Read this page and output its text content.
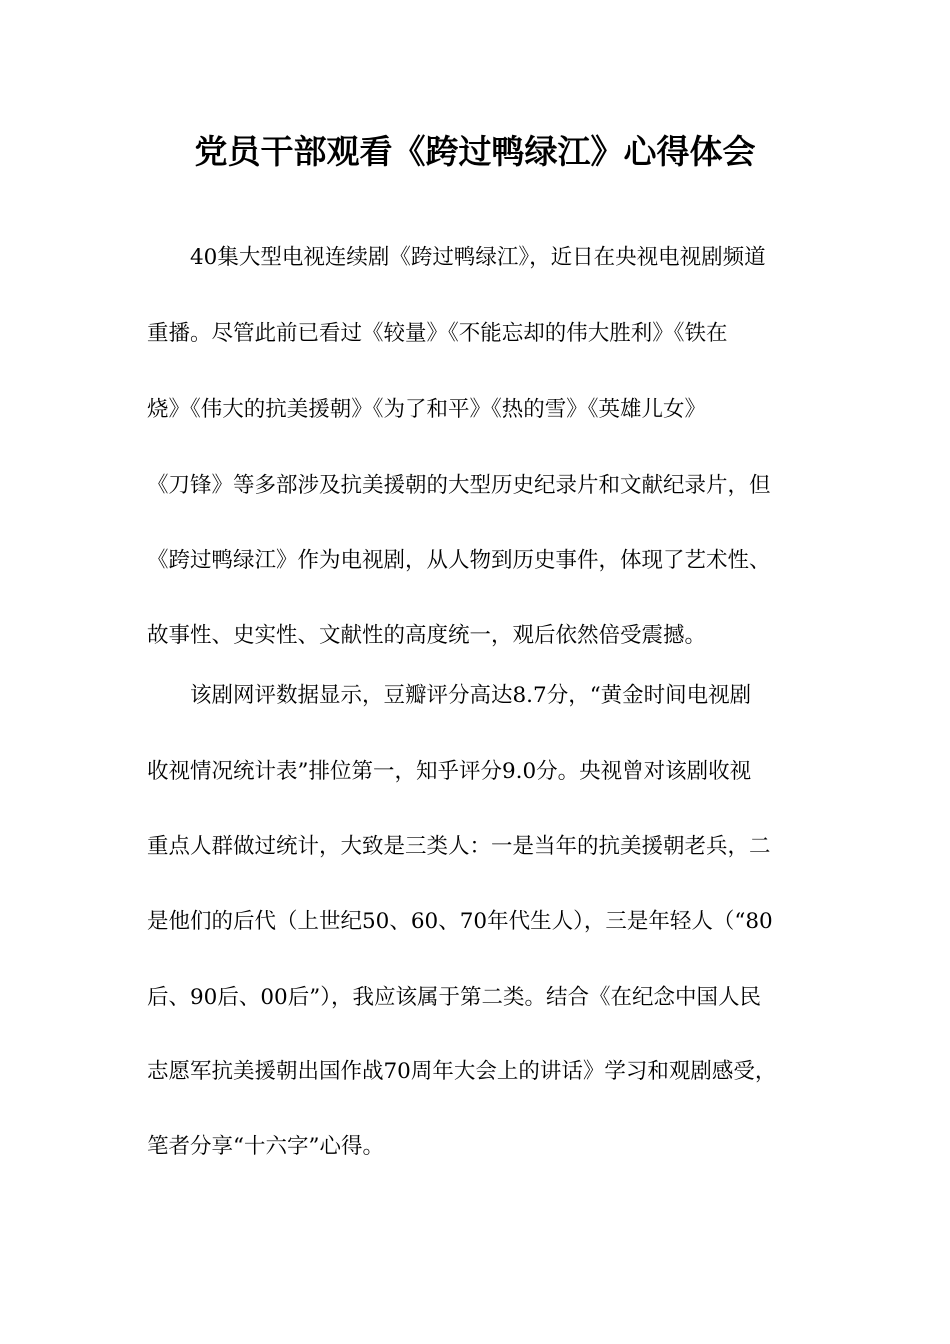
党员干部观看《跨过鸭绿江》心得体会

40集大型电视连续剧《跨过鸭绿江》，近日在央视电视剧频道

重播。尽管此前已看过《较量》《不能忘却的伟大胜利》《铁在

烧》《伟大的抗美援朝》《为了和平》《热的雪》《英雄儿女》

《刀锋》等多部涉及抗美援朝的大型历史纪录片和文献纪录片，但

《跨过鸭绿江》作为电视剧，从人物到历史事件，体现了艺术性、

故事性、史实性、文献性的高度统一，观后依然倍受震撼。

该剧网评数据显示，豆瓣评分高达8.7分，“黄金时间电视剧

收视情况统计表”排位第一，知乎评分9.0分。央视曾对该剧收视

重点人群做过统计，大致是三类人：一是当年的抗美援朝老兵，二

是他们的后代（上世纪50、60、70年代生人），三是年轻人（“80

后、90后、00后”），我应该属于第二类。结合《在纪念中国人民

志愿军抗美援朝出国作战70周年大会上的讲话》学习和观剧感受，

笔者分享“十六字”心得。
